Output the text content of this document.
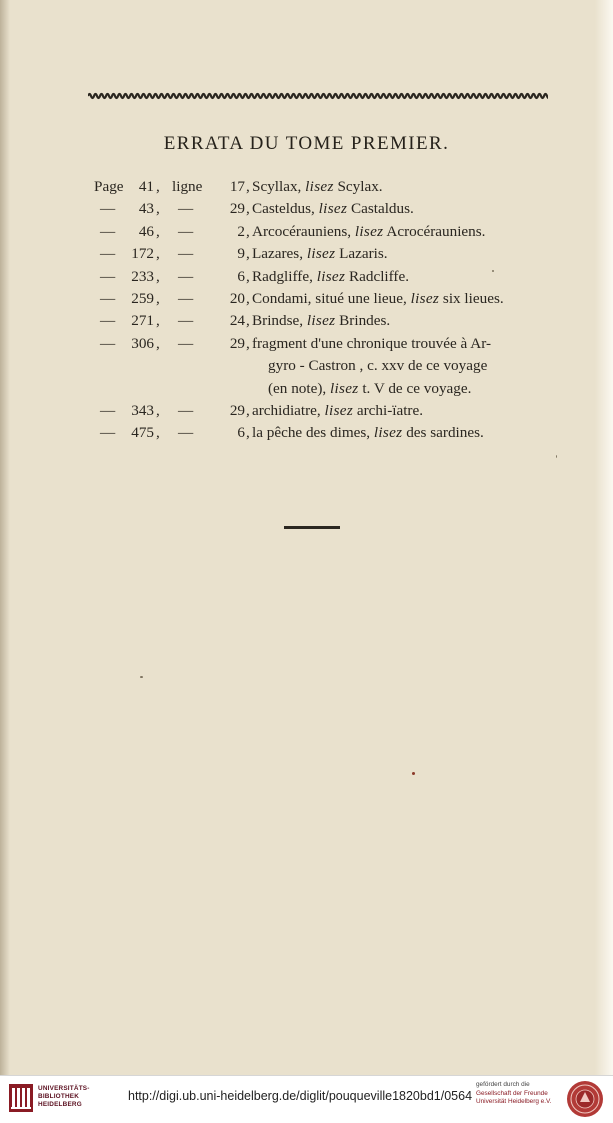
ERRATA DU TOME PREMIER.
Page 41 , ligne 17 , Scyllax, lisez Scylax.
— 43 , — 29 , Casteldus, lisez Castaldus.
— 46 , —	2 , Arcocérauniens, lisez Acrocérauniens.
— 172 , —	9 , Lazares, lisez Lazaris.
— 233 , —	6 , Radgliffe, lisez Radcliffe.
— 259 , — 20 , Condami, situé une lieue, lisez six lieues.
— 271 , — 24 , Brindse, lisez Brindes.
— 306 , — 29 , fragment d'une chronique trouvée à Ar-
gyro - Castron , c. xxv de ce voyage
(en note), lisez t. V de ce voyage.
— 343 , — 29 , archidiatre, lisez archi-ïatre.
— 475 , —	6 , la pêche des dimes, lisez des sardines.
UNIVERSITÄTS-
BIBLIOTHEK
HEIDELBERG
http://digi.ub.uni-heidelberg.de/diglit/pouqueville1820bd1/0564
gefördert durch die
Gesellschaft der Freunde
Universität Heidelberg e.V.
